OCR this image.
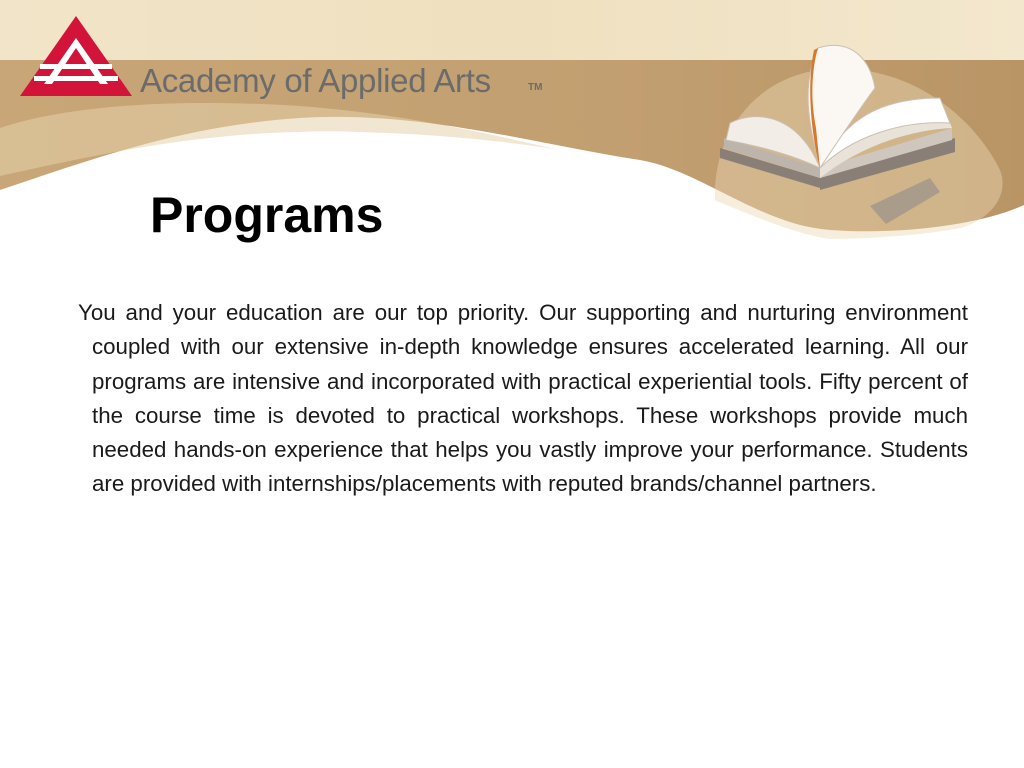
Academy of Applied Arts	TM
Programs

You and your education are our top priority. Our supporting and nurturing environment coupled with our extensive in-depth knowledge ensures accelerated learning. All our programs are intensive and incorporated with practical experiential tools. Fifty percent of the course time is devoted to practical workshops. These workshops provide much needed hands-on experience that helps you vastly improve your performance. Students are provided with internships/placements with reputed brands/channel partners.
